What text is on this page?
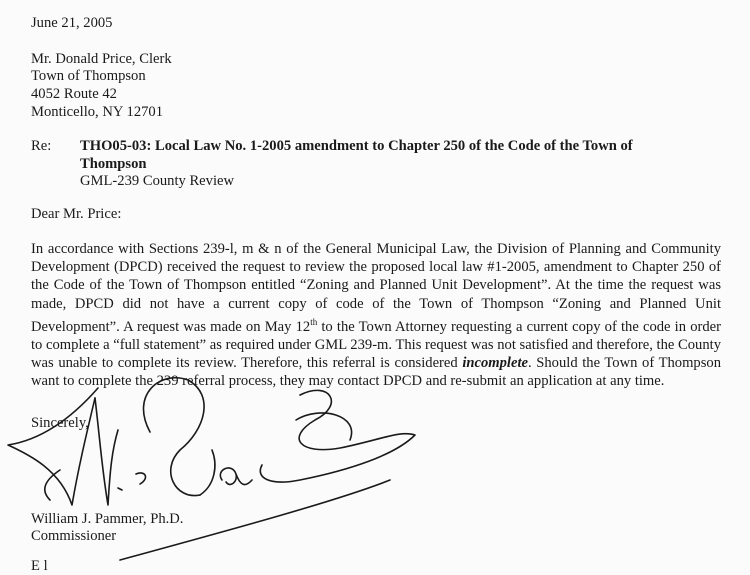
June 21, 2005
Mr. Donald Price, Clerk
Town of Thompson
4052 Route 42
Monticello, NY 12701
Re: THO05-03: Local Law No. 1-2005 amendment to Chapter 250 of the Code of the Town of
Thompson
GML-239 County Review
Dear Mr. Price:
In accordance with Sections 239-l, m & n of the General Municipal Law, the Division of Planning and Community Development (DPCD) received the request to review the proposed local law #1-2005, amendment to Chapter 250 of the Code of the Town of Thompson entitled “Zoning and Planned Unit Development”. At the time the request was made, DPCD did not have a current copy of code of the Town of Thompson “Zoning and Planned Unit Development”. A request was made on May 12th to the Town Attorney requesting a current copy of the code in order to complete a “full statement” as required under GML 239-m. This request was not satisfied and therefore, the County was unable to complete its review. Therefore, this referral is considered incomplete. Should the Town of Thompson want to complete the 239 referral process, they may contact DPCD and re-submit an application at any time.
Sincerely,
William J. Pammer, Ph.D.
Commissioner
E l
